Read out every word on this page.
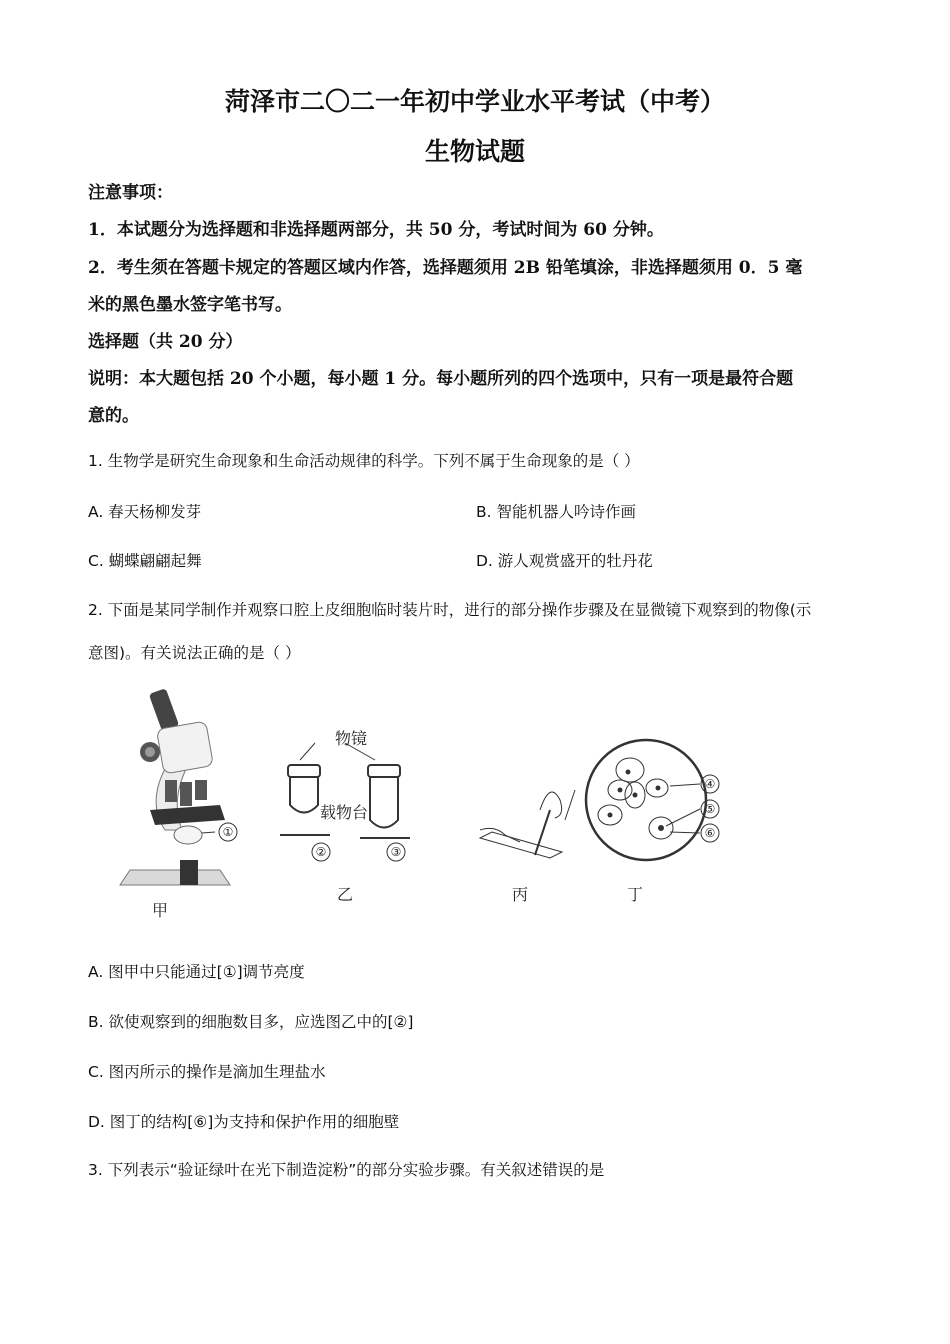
菏泽市二〇二一年初中学业水平考试（中考）
生物试题
注意事项：
1．本试题分为选择题和非选择题两部分，共 50 分，考试时间为 60 分钟。
2．考生须在答题卡规定的答题区域内作答，选择题须用 2B 铅笔填涂，非选择题须用 0．5 毫
米的黑色墨水签字笔书写。
选择题（共 20 分）
说明：本大题包括 20 个小题，每小题 1 分。每小题所列的四个选项中，只有一项是最符合题
意的。
1. 生物学是研究生命现象和生命活动规律的科学。下列不属于生命现象的是（ ）
A. 春天杨柳发芽	B. 智能机器人吟诗作画
C. 蝴蝶翩翩起舞	D. 游人观赏盛开的牡丹花
2. 下面是某同学制作并观察口腔上皮细胞临时装片时，进行的部分操作步骤及在显微镜下观察到的物像(示
意图)。有关说法正确的是（ ）
①
甲
物镜
载物台
②	③
乙	丙
④
⑤
⑥
丁
A. 图甲中只能通过[①]调节亮度
B. 欲使观察到的细胞数目多，应选图乙中的[②]
C. 图丙所示的操作是滴加生理盐水
D. 图丁的结构[⑥]为支持和保护作用的细胞壁
3. 下列表示“验证绿叶在光下制造淀粉”的部分实验步骤。有关叙述错误的是
